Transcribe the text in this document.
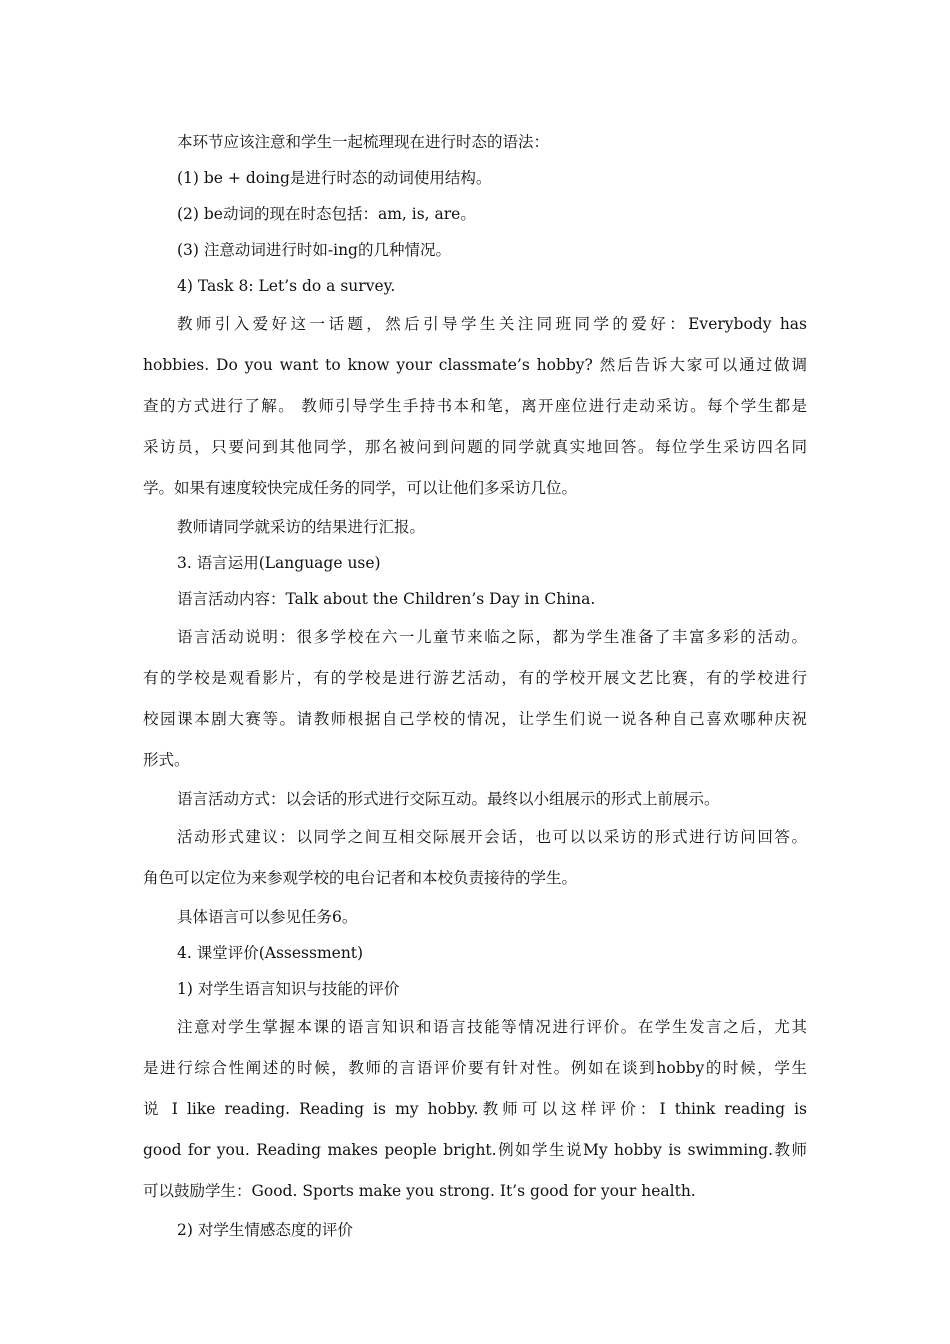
本环节应该注意和学生一起梳理现在进行时态的语法：
(1) be + doing是进行时态的动词使用结构。
(2) be动词的现在时态包括：am, is, are。
(3) 注意动词进行时如-ing的几种情况。
4) Task 8: Let’s do a survey.
教师引入爱好这一话题，然后引导学生关注同班同学的爱好：Everybody has
hobbies. Do you want to know your classmate’s hobby? 然后告诉大家可以通过做调
查的方式进行了解。 教师引导学生手持书本和笔，离开座位进行走动采访。每个学生都是
采访员，只要问到其他同学，那名被问到问题的同学就真实地回答。每位学生采访四名同
学。如果有速度较快完成任务的同学，可以让他们多采访几位。
教师请同学就采访的结果进行汇报。
3. 语言运用(Language use)
语言活动内容：Talk about the Children’s Day in China.
语言活动说明：很多学校在六一儿童节来临之际，都为学生准备了丰富多彩的活动。
有的学校是观看影片，有的学校是进行游艺活动，有的学校开展文艺比赛，有的学校进行
校园课本剧大赛等。请教师根据自己学校的情况，让学生们说一说各种自己喜欢哪种庆祝
形式。
语言活动方式：以会话的形式进行交际互动。最终以小组展示的形式上前展示。
活动形式建议：以同学之间互相交际展开会话，也可以以采访的形式进行访问回答。
角色可以定位为来参观学校的电台记者和本校负责接待的学生。
具体语言可以参见任务6。
4. 课堂评价(Assessment)
1) 对学生语言知识与技能的评价
注意对学生掌握本课的语言知识和语言技能等情况进行评价。在学生发言之后，尤其
是进行综合性阐述的时候，教师的言语评价要有针对性。例如在谈到hobby的时候，学生
说 I like reading. Reading is my hobby.教师可以这样评价：I think reading is
good for you. Reading makes people bright.例如学生说My hobby is swimming.教师
可以鼓励学生：Good. Sports make you strong. It’s good for your health.
2) 对学生情感态度的评价
